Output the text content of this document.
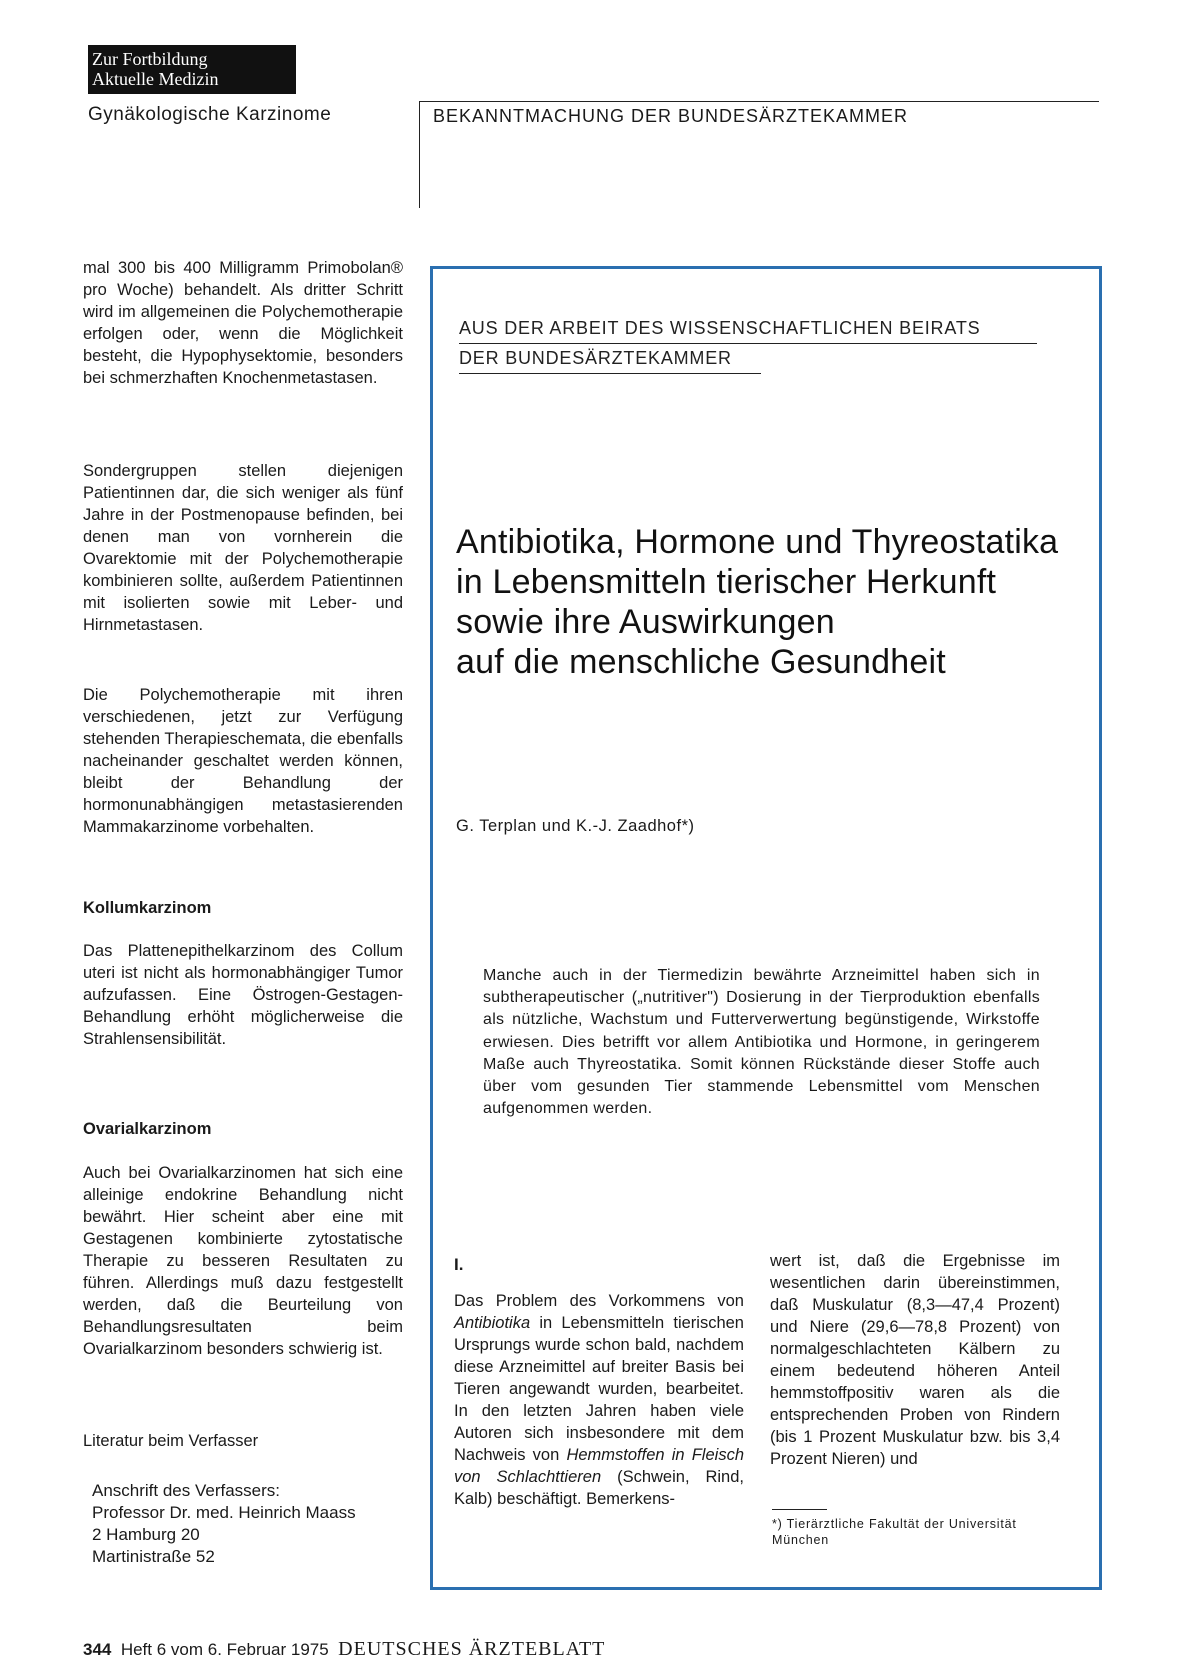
Zur Fortbildung
Aktuelle Medizin
Gynäkologische Karzinome	BEKANNTMACHUNG DER BUNDESÄRZTEKAMMER

mal 300 bis 400 Milligramm Primobolan® pro Woche) behandelt. Als dritter Schritt wird im allgemeinen die Polychemotherapie erfolgen oder, wenn die Möglichkeit besteht, die Hypophysektomie, besonders bei schmerzhaften Knochenmetastasen.

Sondergruppen stellen diejenigen Patientinnen dar, die sich weniger als fünf Jahre in der Postmenopause befinden, bei denen man von vornherein die Ovarektomie mit der Polychemotherapie kombinieren sollte, außerdem Patientinnen mit isolierten sowie mit Leber- und Hirnmetastasen.

Die Polychemotherapie mit ihren verschiedenen, jetzt zur Verfügung stehenden Therapieschemata, die ebenfalls nacheinander geschaltet werden können, bleibt der Behandlung der hormonunabhängigen metastasierenden Mammakarzinome vorbehalten.

Kollumkarzinom

Das Plattenepithelkarzinom des Collum uteri ist nicht als hormonabhängiger Tumor aufzufassen. Eine Östrogen-Gestagen-Behandlung erhöht möglicherweise die Strahlensensibilität.

Ovarialkarzinom

Auch bei Ovarialkarzinomen hat sich eine alleinige endokrine Behandlung nicht bewährt. Hier scheint aber eine mit Gestagenen kombinierte zytostatische Therapie zu besseren Resultaten zu führen. Allerdings muß dazu festgestellt werden, daß die Beurteilung von Behandlungsresultaten beim Ovarialkarzinom besonders schwierig ist.

Literatur beim Verfasser
Anschrift des Verfassers:
Professor Dr. med. Heinrich Maass
2 Hamburg 20
Martinistraße 52
AUS DER ARBEIT DES WISSENSCHAFTLICHEN BEIRATS
DER BUNDESÄRZTEKAMMER
Antibiotika, Hormone und Thyreostatika
in Lebensmitteln tierischer Herkunft
sowie ihre Auswirkungen
auf die menschliche Gesundheit
G. Terplan und K.-J. Zaadhof*)
Manche auch in der Tiermedizin bewährte Arzneimittel haben sich in subtherapeutischer („nutritiver") Dosierung in der Tierproduktion ebenfalls als nützliche, Wachstum und Futterverwertung begünstigende, Wirkstoffe erwiesen. Dies betrifft vor allem Antibiotika und Hormone, in geringerem Maße auch Thyreostatika. Somit können Rückstände dieser Stoffe auch über vom gesunden Tier stammende Lebensmittel vom Menschen aufgenommen werden.
I.
Das Problem des Vorkommens von Antibiotika in Lebensmitteln tierischen Ursprungs wurde schon bald, nachdem diese Arzneimittel auf breiter Basis bei Tieren angewandt wurden, bearbeitet. In den letzten Jahren haben viele Autoren sich insbesondere mit dem Nachweis von Hemmstoffen in Fleisch von Schlachttieren (Schwein, Rind, Kalb) beschäftigt. Bemerkens-
wert ist, daß die Ergebnisse im wesentlichen darin übereinstimmen, daß Muskulatur (8,3—47,4 Prozent) und Niere (29,6—78,8 Prozent) von normalgeschlachteten Kälbern zu einem bedeutend höheren Anteil hemmstoffpositiv waren als die entsprechenden Proben von Rindern (bis 1 Prozent Muskulatur bzw. bis 3,4 Prozent Nieren) und
*) Tierärztliche Fakultät der Universität München
344 Heft 6 vom 6. Februar 1975 DEUTSCHES ÄRZTEBLATT
